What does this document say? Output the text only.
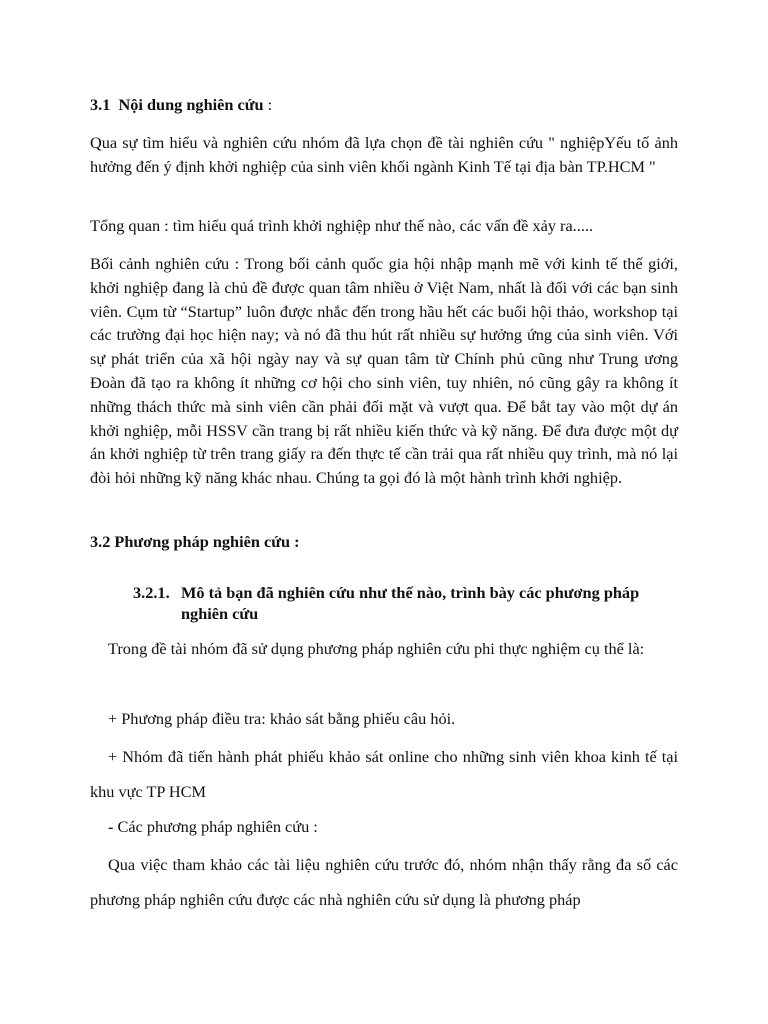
3.1 Nội dung nghiên cứu :

Qua sự tìm hiểu và nghiên cứu nhóm đã lựa chọn đề tài nghiên cứu " nghiệpYếu tố ảnh hưởng đến ý định khởi nghiệp của sinh viên khối ngành Kinh Tế tại địa bàn TP.HCM "

Tổng quan : tìm hiểu quá trình khởi nghiệp như thế nào, các vấn đề xảy ra.....

Bối cảnh nghiên cứu : Trong bối cảnh quốc gia hội nhập mạnh mẽ với kinh tế thế giới, khởi nghiệp đang là chủ đề được quan tâm nhiều ở Việt Nam, nhất là đối với các bạn sinh viên. Cụm từ “Startup” luôn được nhắc đến trong hầu hết các buổi hội thảo, workshop tại các trường đại học hiện nay; và nó đã thu hút rất nhiều sự hưởng ứng của sinh viên. Với sự phát triển của xã hội ngày nay và sự quan tâm từ Chính phủ cũng như Trung ương Đoàn đã tạo ra không ít những cơ hội cho sinh viên, tuy nhiên, nó cũng gây ra không ít những thách thức mà sinh viên cần phải đối mặt và vượt qua. Để bắt tay vào một dự án khởi nghiệp, mỗi HSSV cần trang bị rất nhiều kiến thức và kỹ năng. Để đưa được một dự án khởi nghiệp từ trên trang giấy ra đến thực tế cần trải qua rất nhiều quy trình, mà nó lại đòi hỏi những kỹ năng khác nhau. Chúng ta gọi đó là một hành trình khởi nghiệp.

3.2 Phương pháp nghiên cứu :

3.2.1. Mô tả bạn đã nghiên cứu như thế nào, trình bày các phương pháp
nghiên cứu

Trong đề tài nhóm đã sử dụng phương pháp nghiên cứu phi thực nghiệm cụ thể là:

+ Phương pháp điều tra: khảo sát bằng phiếu câu hỏi.

+ Nhóm đã tiến hành phát phiếu khảo sát online cho những sinh viên khoa kinh tế tại khu vực TP HCM

- Các phương pháp nghiên cứu :

Qua việc tham khảo các tài liệu nghiên cứu trước đó, nhóm nhận thấy rằng đa số các phương pháp nghiên cứu được các nhà nghiên cứu sử dụng là phương pháp
